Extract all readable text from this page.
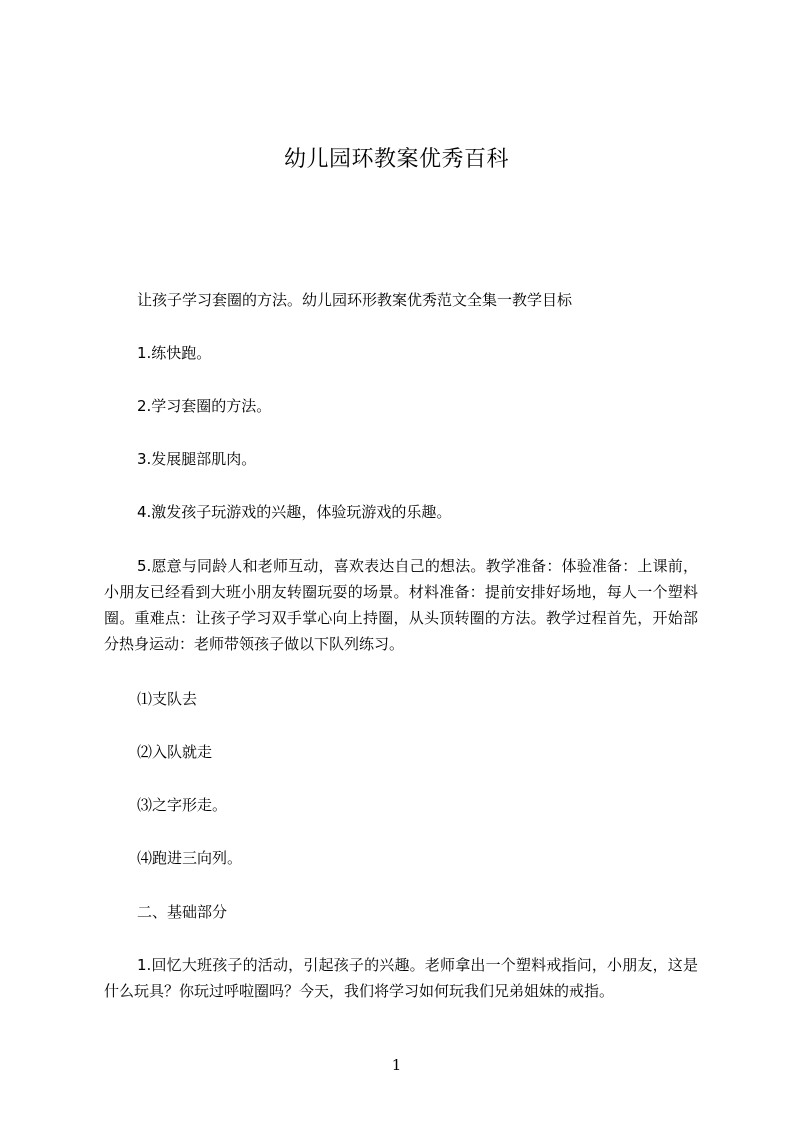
幼儿园环教案优秀百科

让孩子学习套圈的方法。幼儿园环形教案优秀范文全集一教学目标

1.练快跑。

2.学习套圈的方法。

3.发展腿部肌肉。

4.激发孩子玩游戏的兴趣，体验玩游戏的乐趣。

5.愿意与同龄人和老师互动，喜欢表达自己的想法。教学准备：体验准备：上课前，小朋友已经看到大班小朋友转圈玩耍的场景。材料准备：提前安排好场地，每人一个塑料圈。重难点：让孩子学习双手掌心向上持圈，从头顶转圈的方法。教学过程首先，开始部分热身运动：老师带领孩子做以下队列练习。

⑴支队去

⑵入队就走

⑶之字形走。

⑷跑进三向列。

二、基础部分

1.回忆大班孩子的活动，引起孩子的兴趣。老师拿出一个塑料戒指问，小朋友，这是什么玩具？你玩过呼啦圈吗？今天，我们将学习如何玩我们兄弟姐妹的戒指。

1
